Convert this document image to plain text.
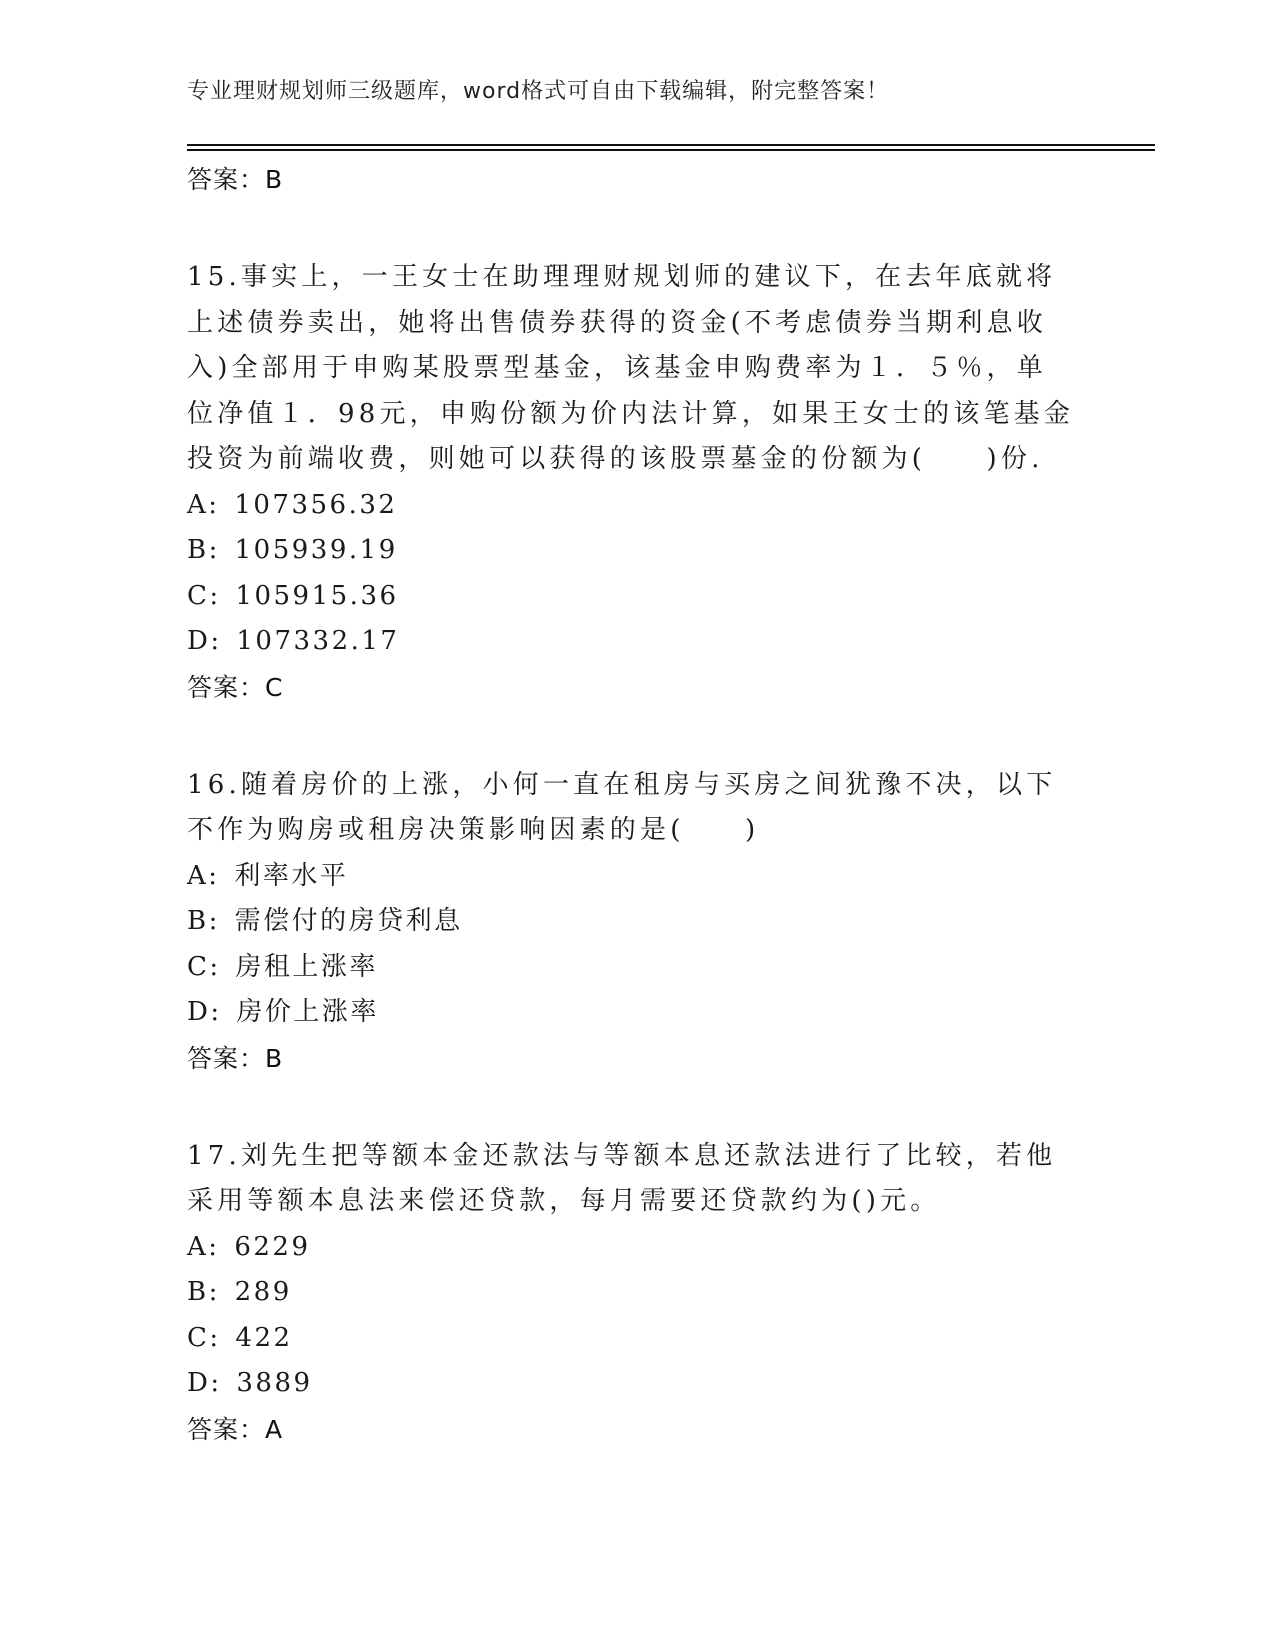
专业理财规划师三级题库，word格式可自由下载编辑，附完整答案！
答案：B
15.事实上，一王女士在助理理财规划师的建议下，在去年底就将上述债券卖出，她将出售债券获得的资金(不考虑债券当期利息收入)全部用于申购某股票型基金，该基金申购费率为１．５％，单位净值１．98元，申购份额为价内法计算，如果王女士的该笔基金投资为前端收费，则她可以获得的该股票墓金的份额为(　　)份.
A: 107356.32
B: 105939.19
C: 105915.36
D: 107332.17
答案：C
16.随着房价的上涨，小何一直在租房与买房之间犹豫不决，以下不作为购房或租房决策影响因素的是(　　)
A: 利率水平
B: 需偿付的房贷利息
C: 房租上涨率
D: 房价上涨率
答案：B
17.刘先生把等额本金还款法与等额本息还款法进行了比较，若他采用等额本息法来偿还贷款，每月需要还贷款约为()元。
A: 6229
B: 289
C: 422
D: 3889
答案：A
